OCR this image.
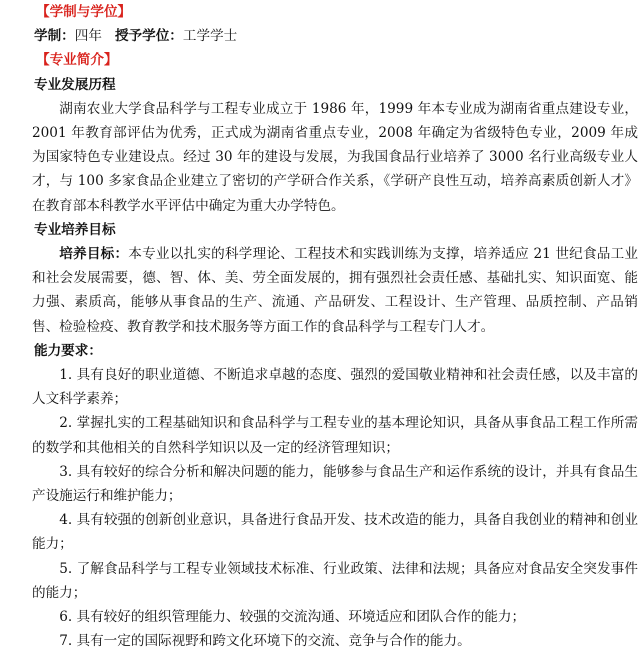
【学制与学位】
学制：四年 授予学位：工学学士
【专业简介】
专业发展历程

湖南农业大学食品科学与工程专业成立于 1986 年，1999 年本专业成为湖南省重点建设专业，2001 年教育部评估为优秀，正式成为湖南省重点专业，2008 年确定为省级特色专业，2009 年成为国家特色专业建设点。经过 30 年的建设与发展，为我国食品行业培养了 3000 名行业高级专业人才，与 100 多家食品企业建立了密切的产学研合作关系，《学研产良性互动，培养高素质创新人才》在教育部本科教学水平评估中确定为重大办学特色。

专业培养目标

培养目标：本专业以扎实的科学理论、工程技术和实践训练为支撑，培养适应 21 世纪食品工业和社会发展需要，德、智、体、美、劳全面发展的，拥有强烈社会责任感、基础扎实、知识面宽、能力强、素质高，能够从事食品的生产、流通、产品研发、工程设计、生产管理、品质控制、产品销售、检验检疫、教育教学和技术服务等方面工作的食品科学与工程专门人才。

能力要求：

1. 具有良好的职业道德、不断追求卓越的态度、强烈的爱国敬业精神和社会责任感，以及丰富的人文科学素养；

2. 掌握扎实的工程基础知识和食品科学与工程专业的基本理论知识，具备从事食品工程工作所需的数学和其他相关的自然科学知识以及一定的经济管理知识；

3. 具有较好的综合分析和解决问题的能力，能够参与食品生产和运作系统的设计，并具有食品生产设施运行和维护能力；

4. 具有较强的创新创业意识，具备进行食品开发、技术改造的能力，具备自我创业的精神和创业能力；

5. 了解食品科学与工程专业领域技术标准、行业政策、法律和法规；具备应对食品安全突发事件的能力；

6. 具有较好的组织管理能力、较强的交流沟通、环境适应和团队合作的能力；

7. 具有一定的国际视野和跨文化环境下的交流、竞争与合作的能力。
